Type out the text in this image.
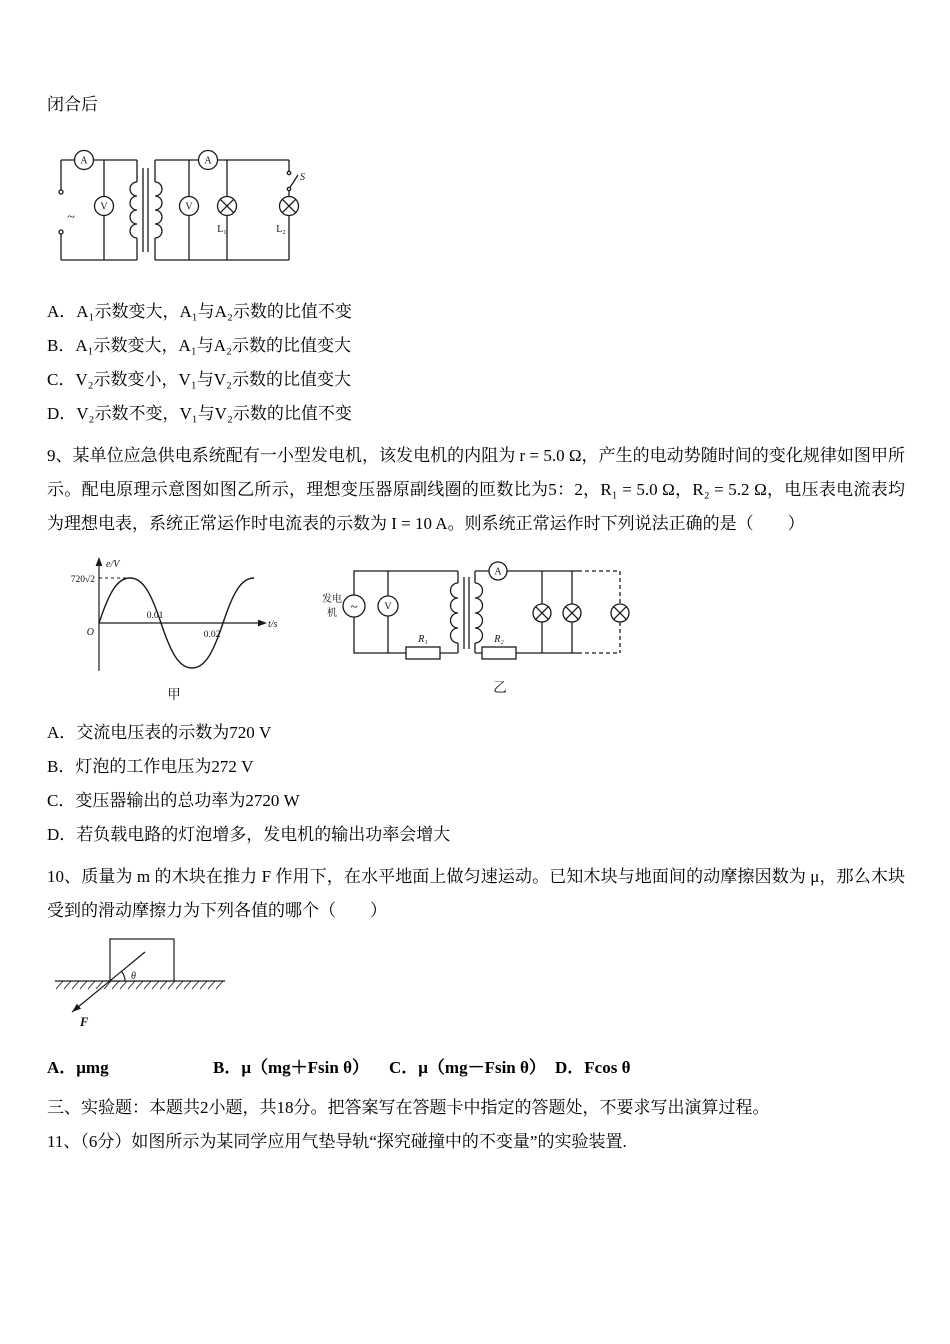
闭合后

A	A
V	V
~
L₁	L₂
S

A．A₁示数变大，A₁与A₂示数的比值不变

B．A₁示数变大，A₁与A₂示数的比值变大

C．V₂示数变小，V₁与V₂示数的比值变大

D．V₂示数不变，V₁与V₂示数的比值不变

9、某单位应急供电系统配有一小型发电机，该发电机的内阻为 r = 5.0 Ω，产生的电动势随时间的变化规律如图甲所示。配电原理示意图如图乙所示，理想变压器原副线圈的匝数比为5：2，R₁ = 5.0 Ω，R₂ = 5.2 Ω，电压表电流表均为理想电表，系统正常运作时电流表的示数为 I = 10 A。则系统正常运作时下列说法正确的是（　　）

e/V
720√2
O
0.01
0.02
t/s
甲
发电
机 ~	V
A
R₁	R₂
乙

A．交流电压表的示数为720 V

B．灯泡的工作电压为272 V

C．变压器输出的总功率为2720 W

D．若负载电路的灯泡增多，发电机的输出功率会增大

10、质量为 m 的木块在推力 F 作用下，在水平地面上做匀速运动。已知木块与地面间的动摩擦因数为 μ，那么木块受到的滑动摩擦力为下列各值的哪个（　　）

θ
F
A．μmg	B．μ（mg＋Fsin θ）	C．μ（mg－Fsin θ） D．Fcos θ

三、实验题：本题共2小题，共18分。把答案写在答题卡中指定的答题处，不要求写出演算过程。

11、（6分）如图所示为某同学应用气垫导轨“探究碰撞中的不变量”的实验装置.
